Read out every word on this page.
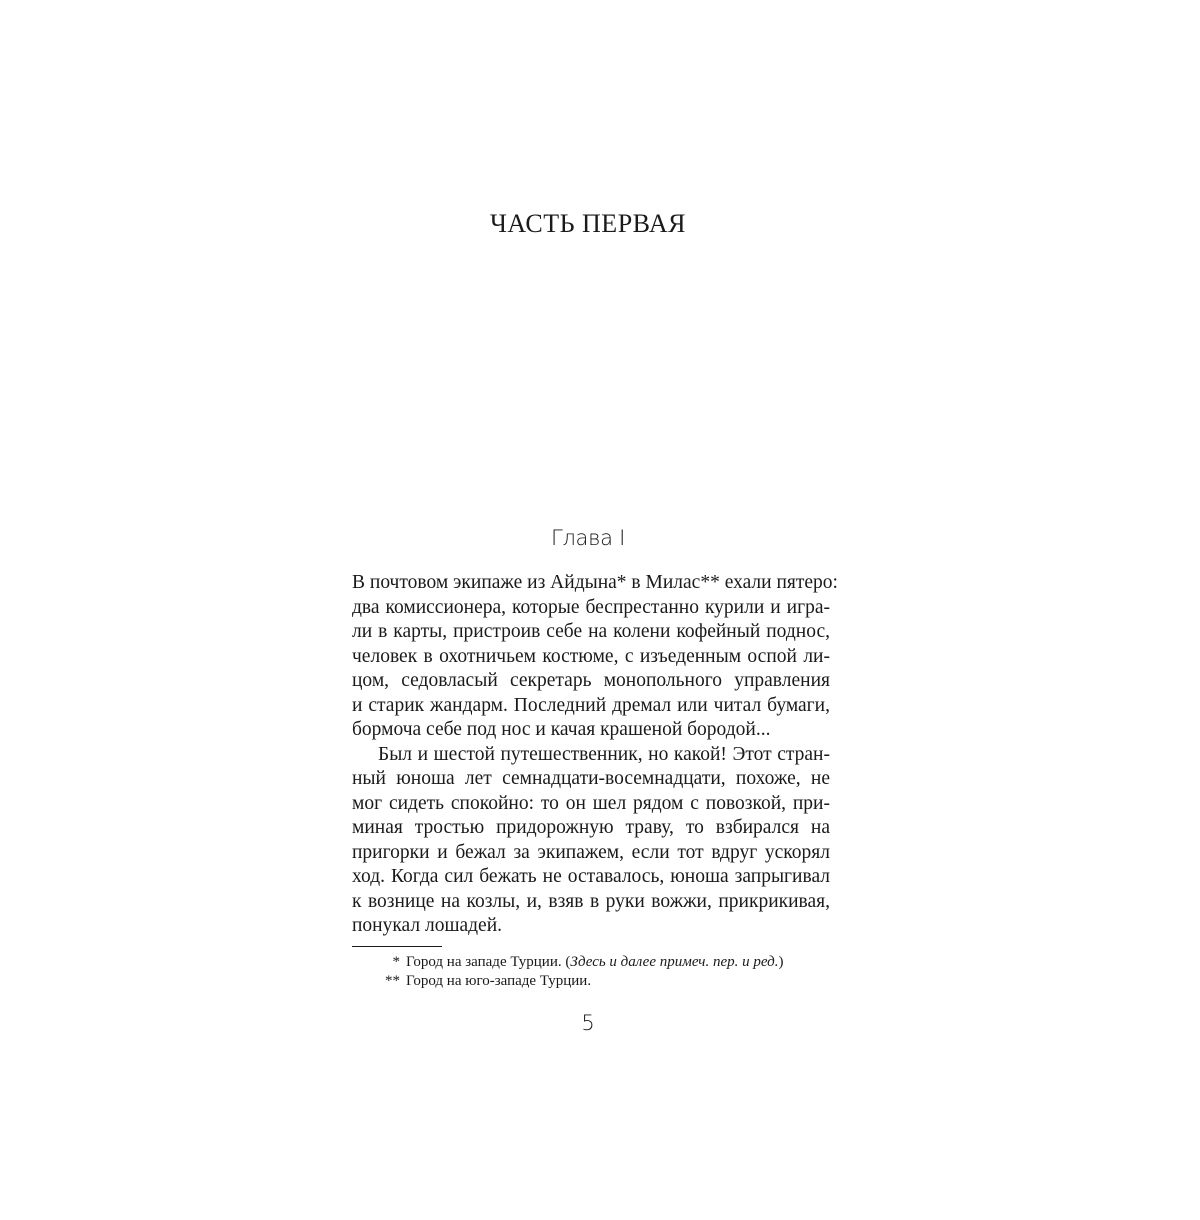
ЧАСТЬ ПЕРВАЯ
Глава I

В почтовом экипаже из Айдына* в Милас** ехали пятеро:
два комиссионера, которые беспрестанно курили и игра-
ли в карты, пристроив себе на колени кофейный поднос,
человек в охотничьем костюме, с изъеденным оспой ли-
цом, седовласый секретарь монопольного управления
и старик жандарм. Последний дремал или читал бумаги,
бормоча себе под нос и качая крашеной бородой...

Был и шестой путешественник, но какой! Этот стран-
ный юноша лет семнадцати-восемнадцати, похоже, не
мог сидеть спокойно: то он шел рядом с повозкой, при-
миная тростью придорожную траву, то взбирался на
пригорки и бежал за экипажем, если тот вдруг ускорял
ход. Когда сил бежать не оставалось, юноша запрыгивал
к вознице на козлы, и, взяв в руки вожжи, прикрикивая,
понукал лошадей.

* Город на западе Турции. (Здесь и далее примеч. пер. и ред.)
** Город на юго-западе Турции.
5
